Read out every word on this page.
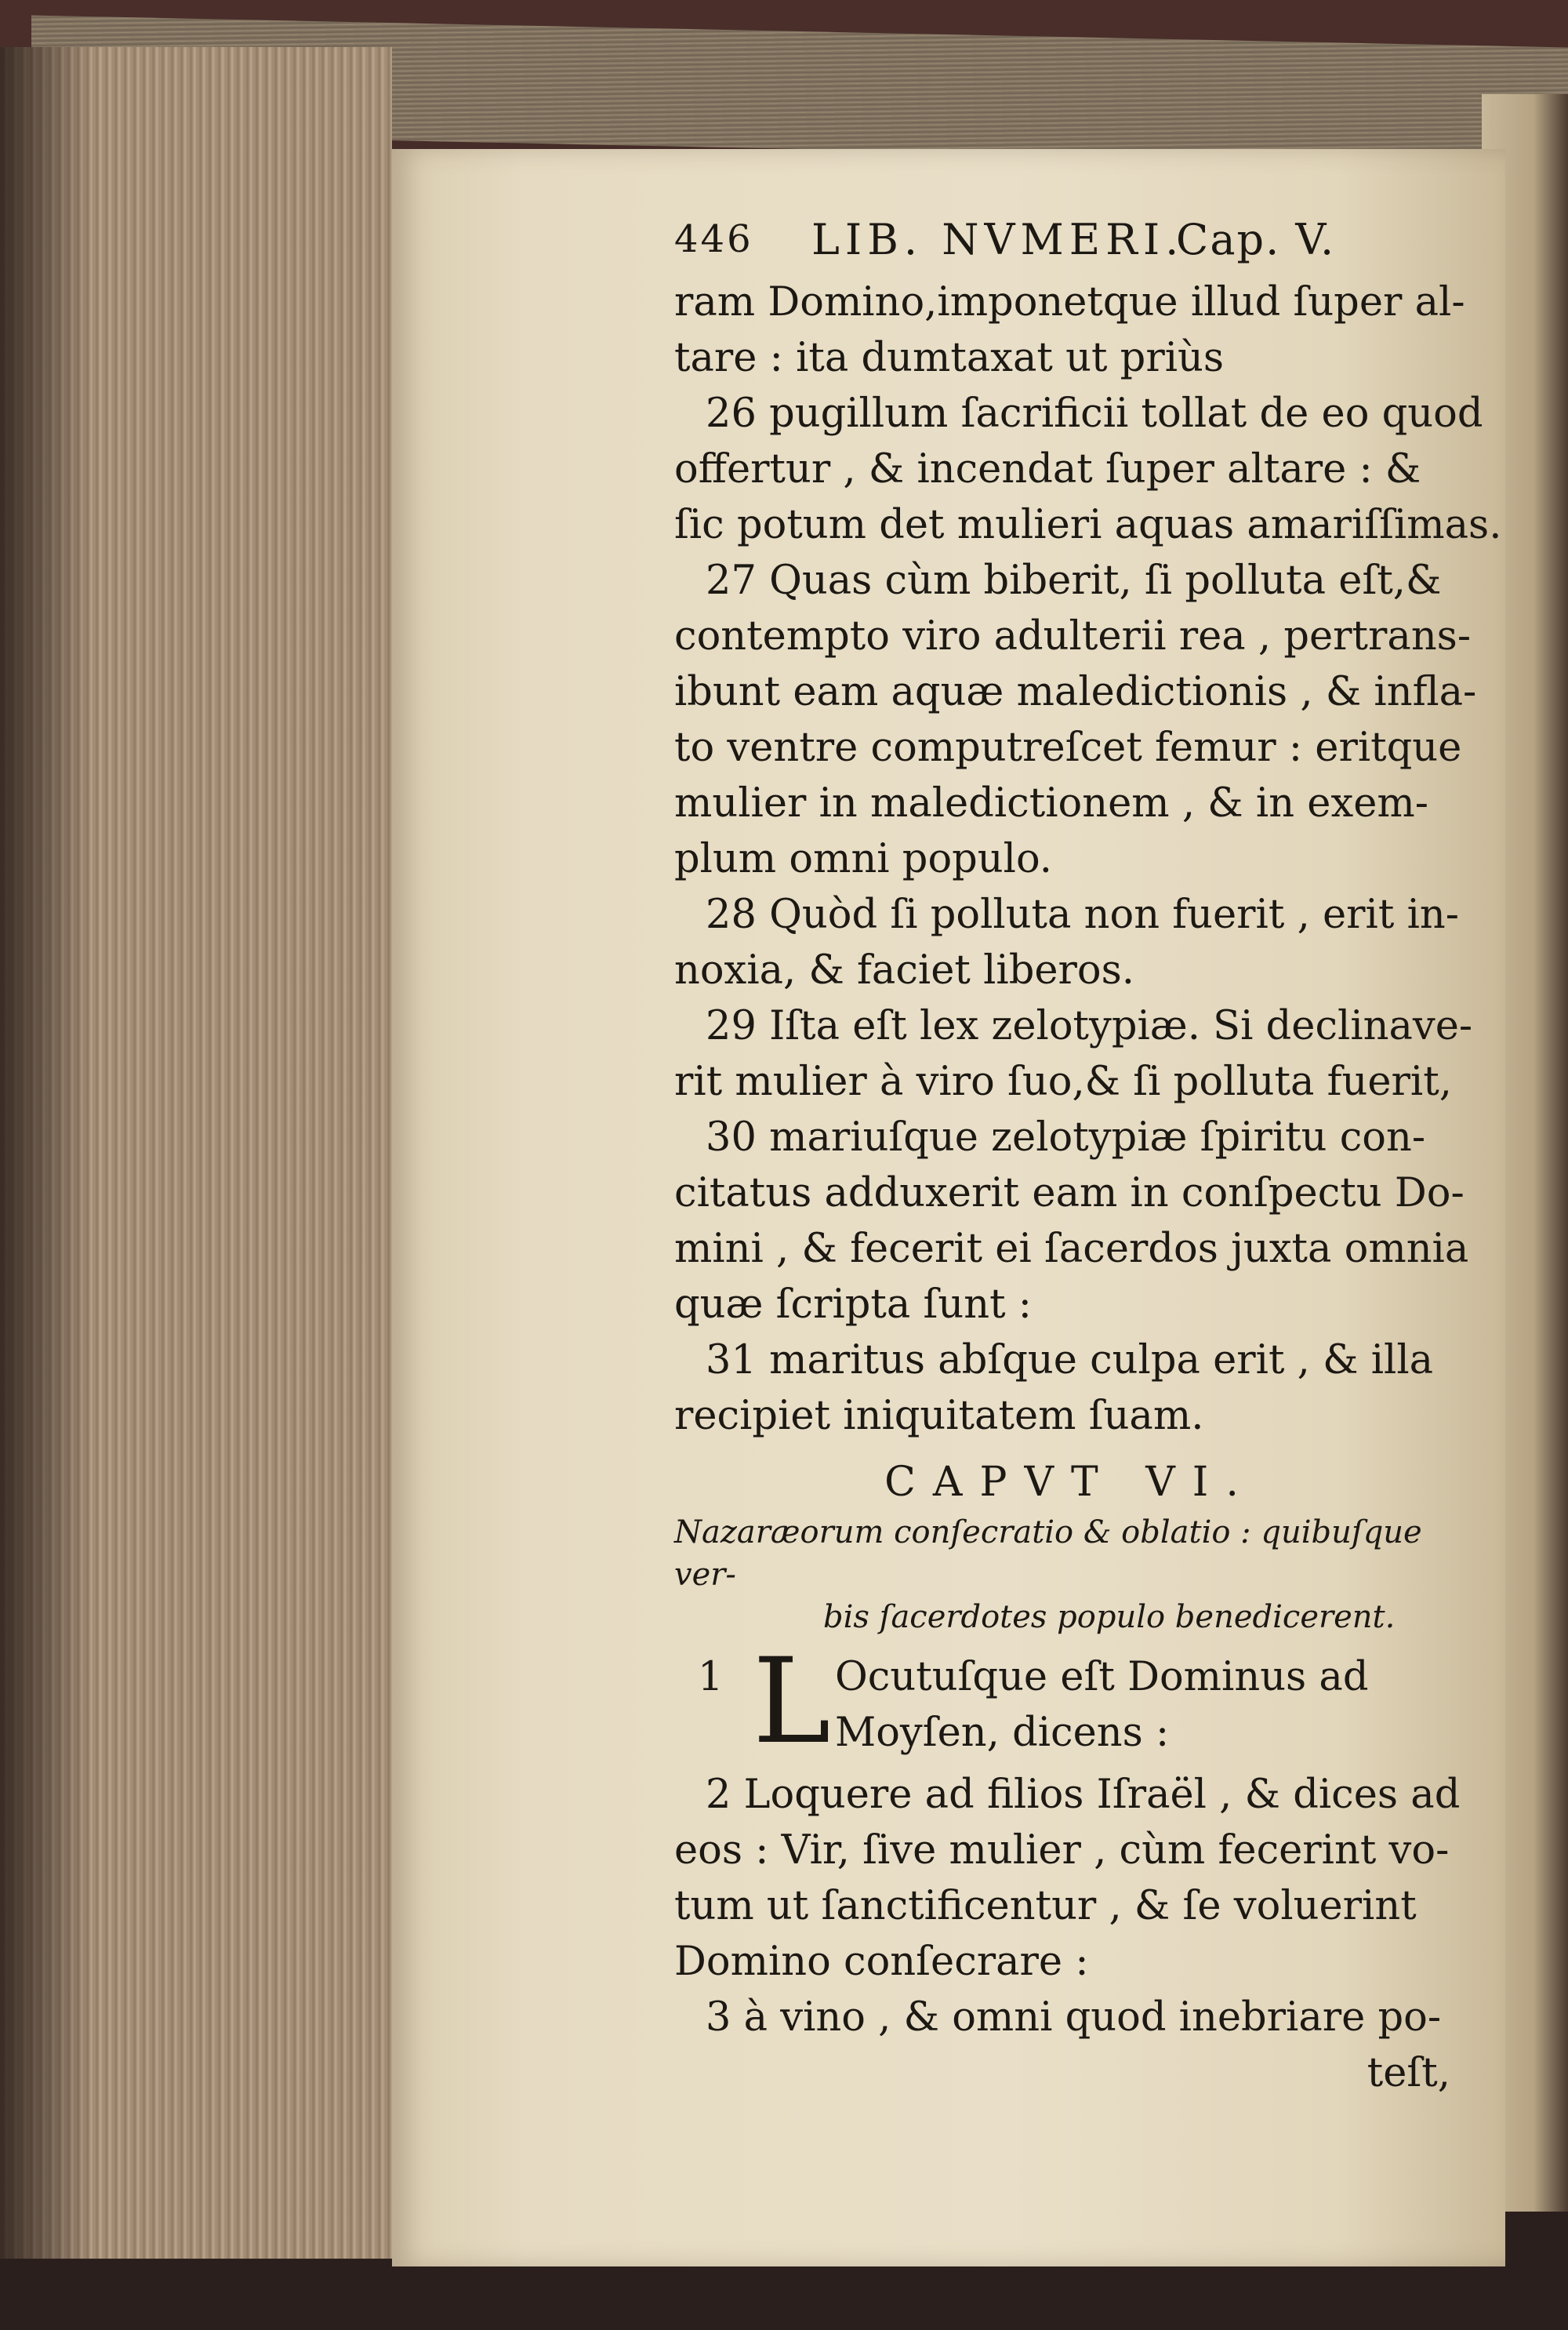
446 LIB. NVMERI.
Cap. V.
ram Domino,imponetque illud ſuper al-
tare : ita dumtaxat ut priùs
26 pugillum ſacrificii tollat de eo quod
offertur , & incendat ſuper altare : &
ſic potum det mulieri aquas amariſſimas.
27 Quas cùm biberit, ſi polluta eſt,&
contempto viro adulterii rea , pertrans-
ibunt eam aquæ maledictionis , & infla-
to ventre computreſcet femur : eritque
mulier in maledictionem , & in exem-
plum omni populo.
28 Quòd ſi polluta non fuerit , erit in-
noxia, & faciet liberos.
29 Iſta eſt lex zelotypiæ. Si declinave-
rit mulier à viro ſuo,& ſi polluta fuerit,
30 mariuſque zelotypiæ ſpiritu con-
citatus adduxerit eam in conſpectu Do-
mini , & fecerit ei ſacerdos juxta omnia
quæ ſcripta ſunt :
31 maritus abſque culpa erit , & illa
recipiet iniquitatem ſuam.
CAPVT VI.
Nazaræorum conſecratio & oblatio : quibuſque ver-
bis ſacerdotes populo benedicerent.
1 L Ocutuſque eſt Dominus ad
Moyſen, dicens :
2 Loquere ad filios Iſraël , & dices ad
eos : Vir, ſive mulier , cùm fecerint vo-
tum ut ſanctificentur , & ſe voluerint
Domino conſecrare :
3 à vino , & omni quod inebriare po-
teſt,
